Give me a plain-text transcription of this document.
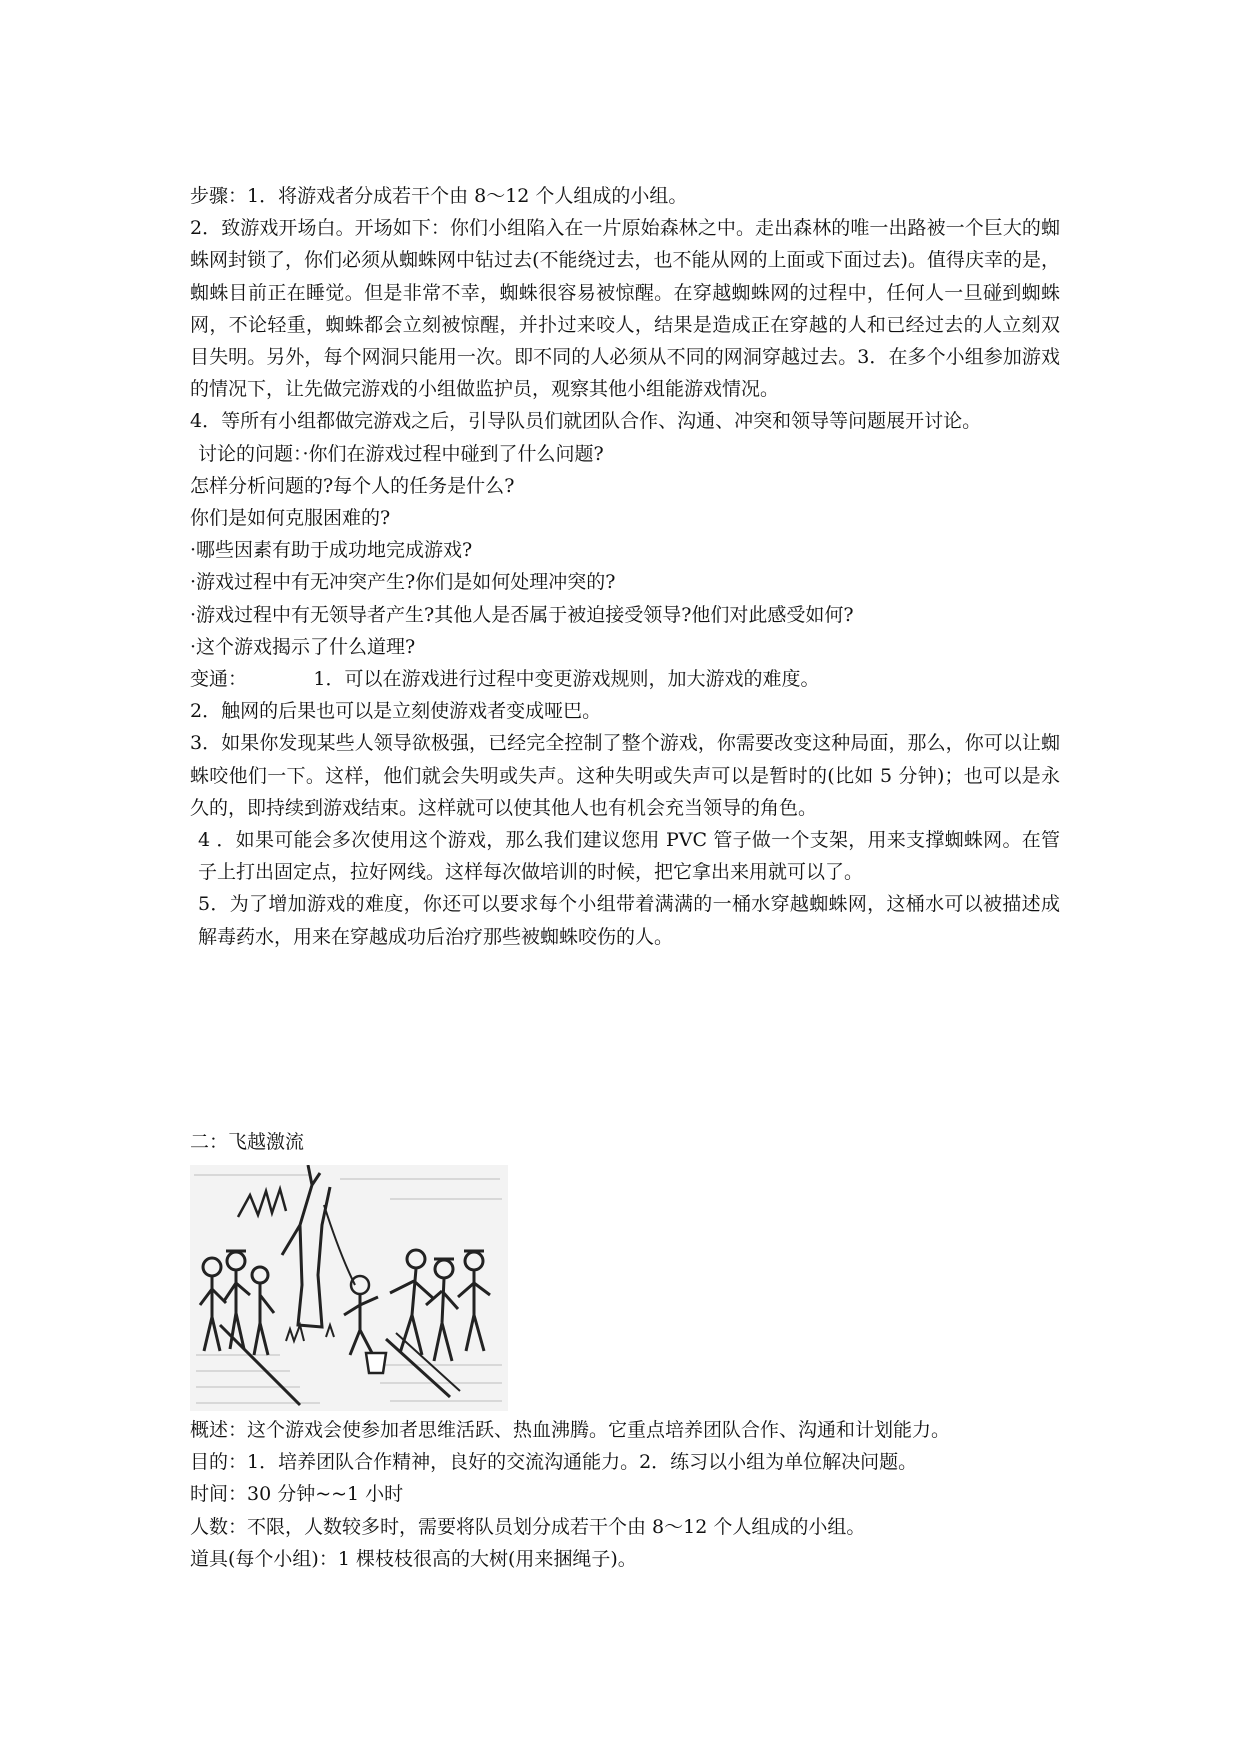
步骤：1．将游戏者分成若干个由 8～12 个人组成的小组。

2．致游戏开场白。开场如下：你们小组陷入在一片原始森林之中。走出森林的唯一出路被一个巨大的蜘蛛网封锁了，你们必须从蜘蛛网中钻过去(不能绕过去，也不能从网的上面或下面过去)。值得庆幸的是，蜘蛛目前正在睡觉。但是非常不幸，蜘蛛很容易被惊醒。在穿越蜘蛛网的过程中，任何人一旦碰到蜘蛛网，不论轻重，蜘蛛都会立刻被惊醒，并扑过来咬人，结果是造成正在穿越的人和已经过去的人立刻双目失明。另外，每个网洞只能用一次。即不同的人必须从不同的网洞穿越过去。3．在多个小组参加游戏的情况下，让先做完游戏的小组做监护员，观察其他小组能游戏情况。

4．等所有小组都做完游戏之后，引导队员们就团队合作、沟通、冲突和领导等问题展开讨论。

讨论的问题：·你们在游戏过程中碰到了什么问题?

怎样分析问题的?每个人的任务是什么?

你们是如何克服困难的?

·哪些因素有助于成功地完成游戏?

·游戏过程中有无冲突产生?你们是如何处理冲突的?

·游戏过程中有无领导者产生?其他人是否属于被迫接受领导?他们对此感受如何?

·这个游戏揭示了什么道理?

变通：           1．可以在游戏进行过程中变更游戏规则，加大游戏的难度。

2．触网的后果也可以是立刻使游戏者变成哑巴。

3．如果你发现某些人领导欲极强，已经完全控制了整个游戏，你需要改变这种局面，那么，你可以让蜘蛛咬他们一下。这样，他们就会失明或失声。这种失明或失声可以是暂时的(比如 5 分钟)；也可以是永久的，即持续到游戏结束。这样就可以使其他人也有机会充当领导的角色。

4 ．如果可能会多次使用这个游戏，那么我们建议您用 PVC 管子做一个支架，用来支撑蜘蛛网。在管子上打出固定点，拉好网线。这样每次做培训的时候，把它拿出来用就可以了。

5．为了增加游戏的难度，你还可以要求每个小组带着满满的一桶水穿越蜘蛛网，这桶水可以被描述成解毒药水，用来在穿越成功后治疗那些被蜘蛛咬伤的人。

二：飞越激流

概述：这个游戏会使参加者思维活跃、热血沸腾。它重点培养团队合作、沟通和计划能力。

目的：1．培养团队合作精神，良好的交流沟通能力。2．练习以小组为单位解决问题。

时间：30 分钟~~1 小时

人数：不限，人数较多时，需要将队员划分成若干个由 8～12 个人组成的小组。

道具(每个小组)：1 棵枝枝很高的大树(用来捆绳子)。
